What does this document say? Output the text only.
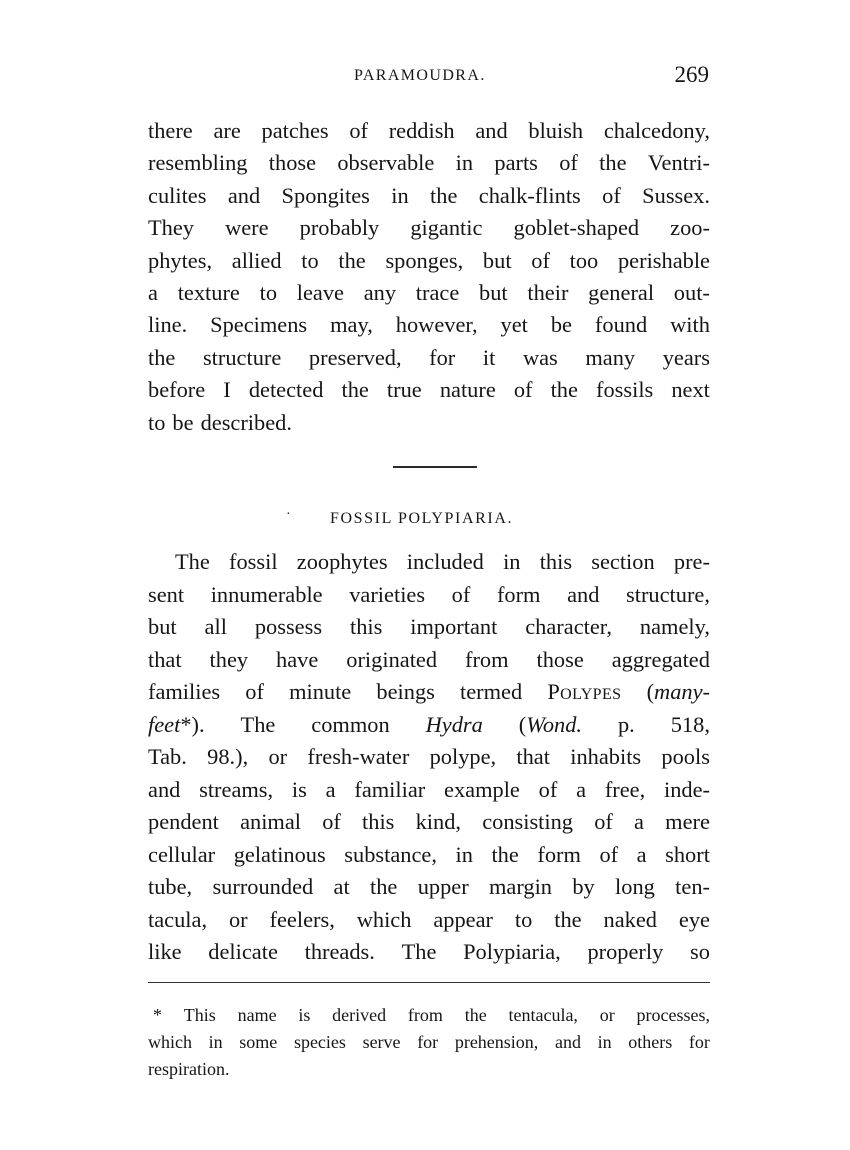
PARAMOUDRA.	269
there are patches of reddish and bluish chalcedony,
resembling those observable in parts of the Ventri-
culites and Spongites in the chalk-flints of Sussex.
They were probably gigantic goblet-shaped zoo-
phytes, allied to the sponges, but of too perishable
a texture to leave any trace but their general out-
line. Specimens may, however, yet be found with
the structure preserved, for it was many years
before I detected the true nature of the fossils next
to be described.
· FOSSIL POLYPIARIA.
The fossil zoophytes included in this section pre-
sent innumerable varieties of form and structure,
but all possess this important character, namely,
that they have originated from those aggregated
families of minute beings termed Polypes (many-
feet*). The common Hydra (Wond. p. 518,
Tab. 98.), or fresh-water polype, that inhabits pools
and streams, is a familiar example of a free, inde-
pendent animal of this kind, consisting of a mere
cellular gelatinous substance, in the form of a short
tube, surrounded at the upper margin by long ten-
tacula, or feelers, which appear to the naked eye
like delicate threads. The Polypiaria, properly so
* This name is derived from the tentacula, or processes,
which in some species serve for prehension, and in others for
respiration.
